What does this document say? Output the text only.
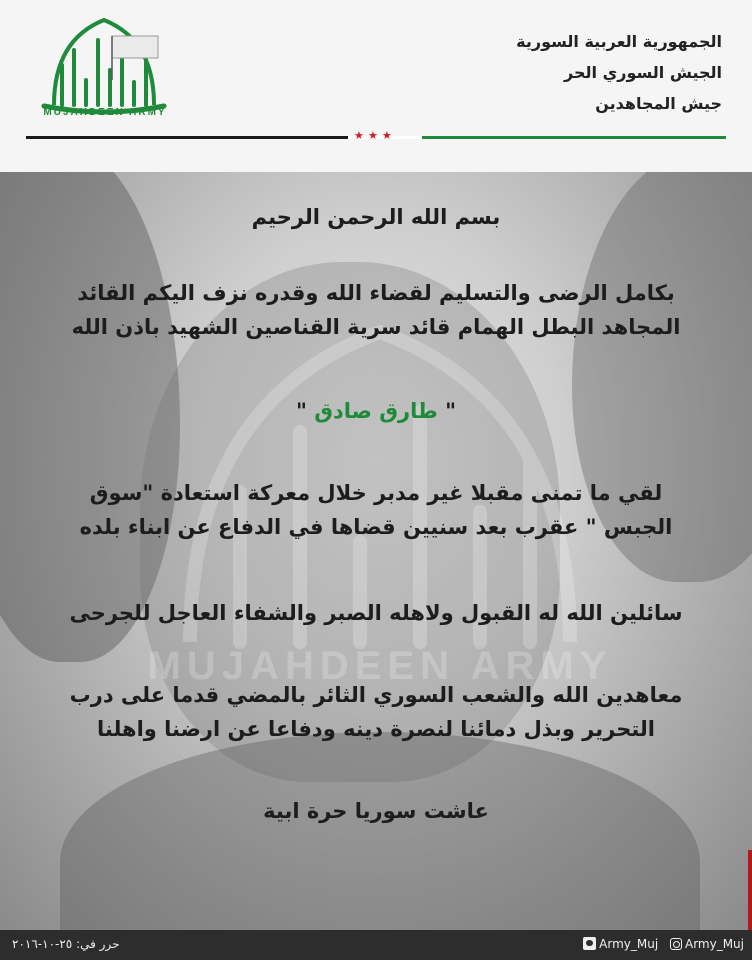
MUJAHDEEN ARMY
الجمهورية العربية السورية
الجيش السوري الحر
جيش المجاهدين
★ ★ ★
MUJAHDEEN ARMY
بسم الله الرحمن الرحيم
بكامل الرضى والتسليم لقضاء الله وقدره نزف اليكم القائد
المجاهد البطل الهمام قائد سرية القناصين الشهيد باذن الله
" طارق صادق "
لقي ما تمنى مقبلا غير مدبر خلال معركة استعادة "سوق
الجبس " عقرب بعد سنيين قضاها في الدفاع عن ابناء بلده
سائلين الله له القبول ولاهله الصبر والشفاء العاجل للجرحى
معاهدين الله والشعب السوري الثائر بالمضي قدما على درب
التحرير وبذل دمائنا لنصرة دينه ودفاعا عن ارضنا واهلنا
عاشت سوريا حرة ابية
حرر في: ٢٥-١٠-٢٠١٦	Army_Muj Army_Muj
